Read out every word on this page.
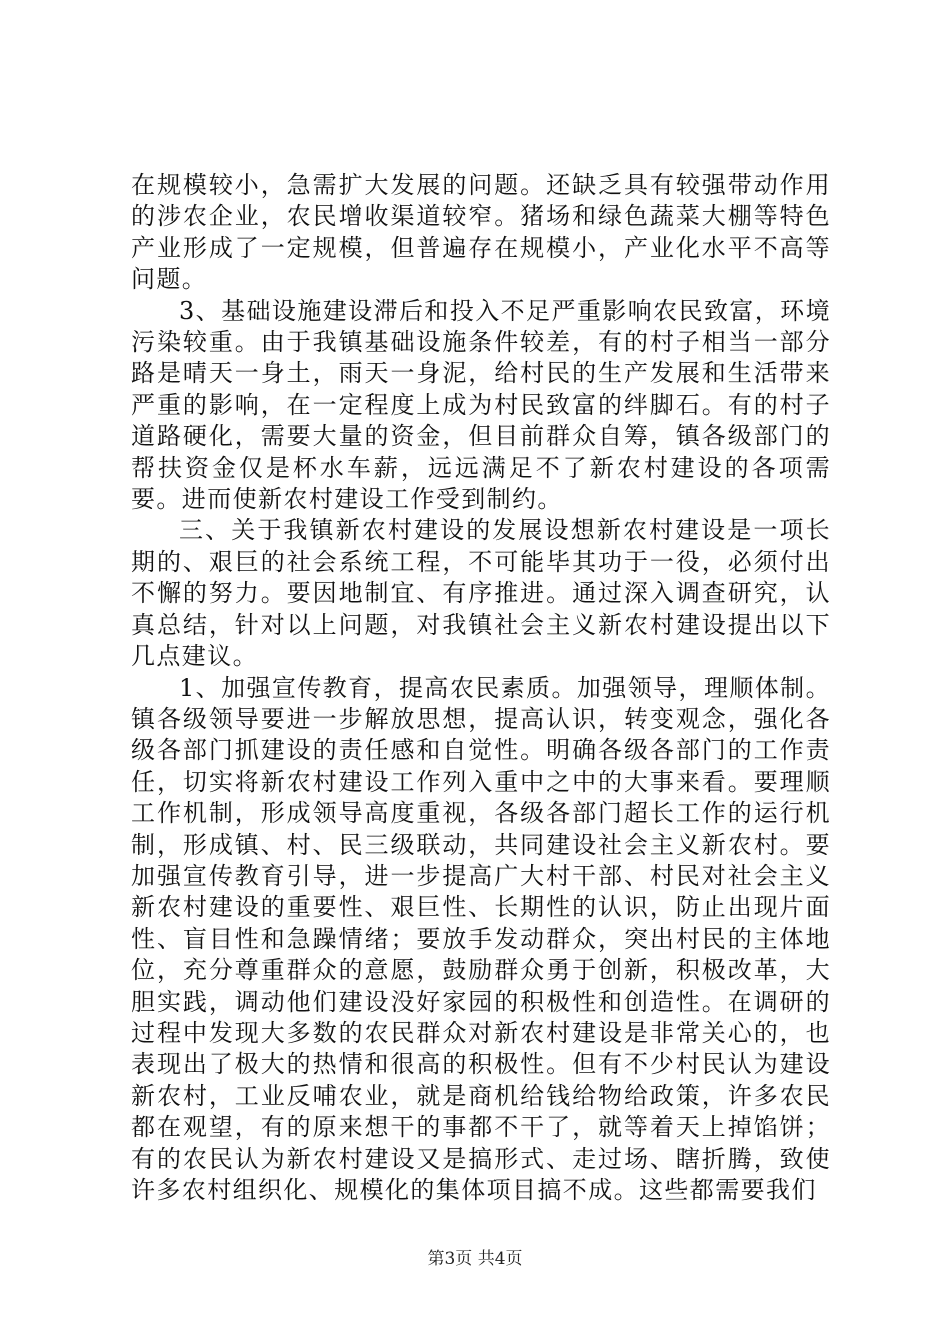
在规模较小，急需扩大发展的问题。还缺乏具有较强带动作用的涉农企业，农民增收渠道较窄。猪场和绿色蔬菜大棚等特色产业形成了一定规模，但普遍存在规模小，产业化水平不高等问题。

3、基础设施建设滞后和投入不足严重影响农民致富，环境污染较重。由于我镇基础设施条件较差，有的村子相当一部分路是晴天一身土，雨天一身泥，给村民的生产发展和生活带来严重的影响，在一定程度上成为村民致富的绊脚石。有的村子道路硬化，需要大量的资金，但目前群众自筹，镇各级部门的帮扶资金仅是杯水车薪，远远满足不了新农村建设的各项需要。进而使新农村建设工作受到制约。

三、关于我镇新农村建设的发展设想新农村建设是一项长期的、艰巨的社会系统工程，不可能毕其功于一役，必须付出不懈的努力。要因地制宜、有序推进。通过深入调查研究，认真总结，针对以上问题，对我镇社会主义新农村建设提出以下几点建议。

1、加强宣传教育，提高农民素质。加强领导，理顺体制。镇各级领导要进一步解放思想，提高认识，转变观念，强化各级各部门抓建设的责任感和自觉性。明确各级各部门的工作责任，切实将新农村建设工作列入重中之中的大事来看。要理顺工作机制，形成领导高度重视，各级各部门超长工作的运行机制，形成镇、村、民三级联动，共同建设社会主义新农村。要加强宣传教育引导，进一步提高广大村干部、村民对社会主义新农村建设的重要性、艰巨性、长期性的认识，防止出现片面性、盲目性和急躁情绪；要放手发动群众，突出村民的主体地位，充分尊重群众的意愿，鼓励群众勇于创新，积极改革，大胆实践，调动他们建设没好家园的积极性和创造性。在调研的过程中发现大多数的农民群众对新农村建设是非常关心的，也表现出了极大的热情和很高的积极性。但有不少村民认为建设新农村，工业反哺农业，就是商机给钱给物给政策，许多农民都在观望，有的原来想干的事都不干了，就等着天上掉馅饼；有的农民认为新农村建设又是搞形式、走过场、瞎折腾，致使许多农村组织化、规模化的集体项目搞不成。这些都需要我们

第3页 共4页
